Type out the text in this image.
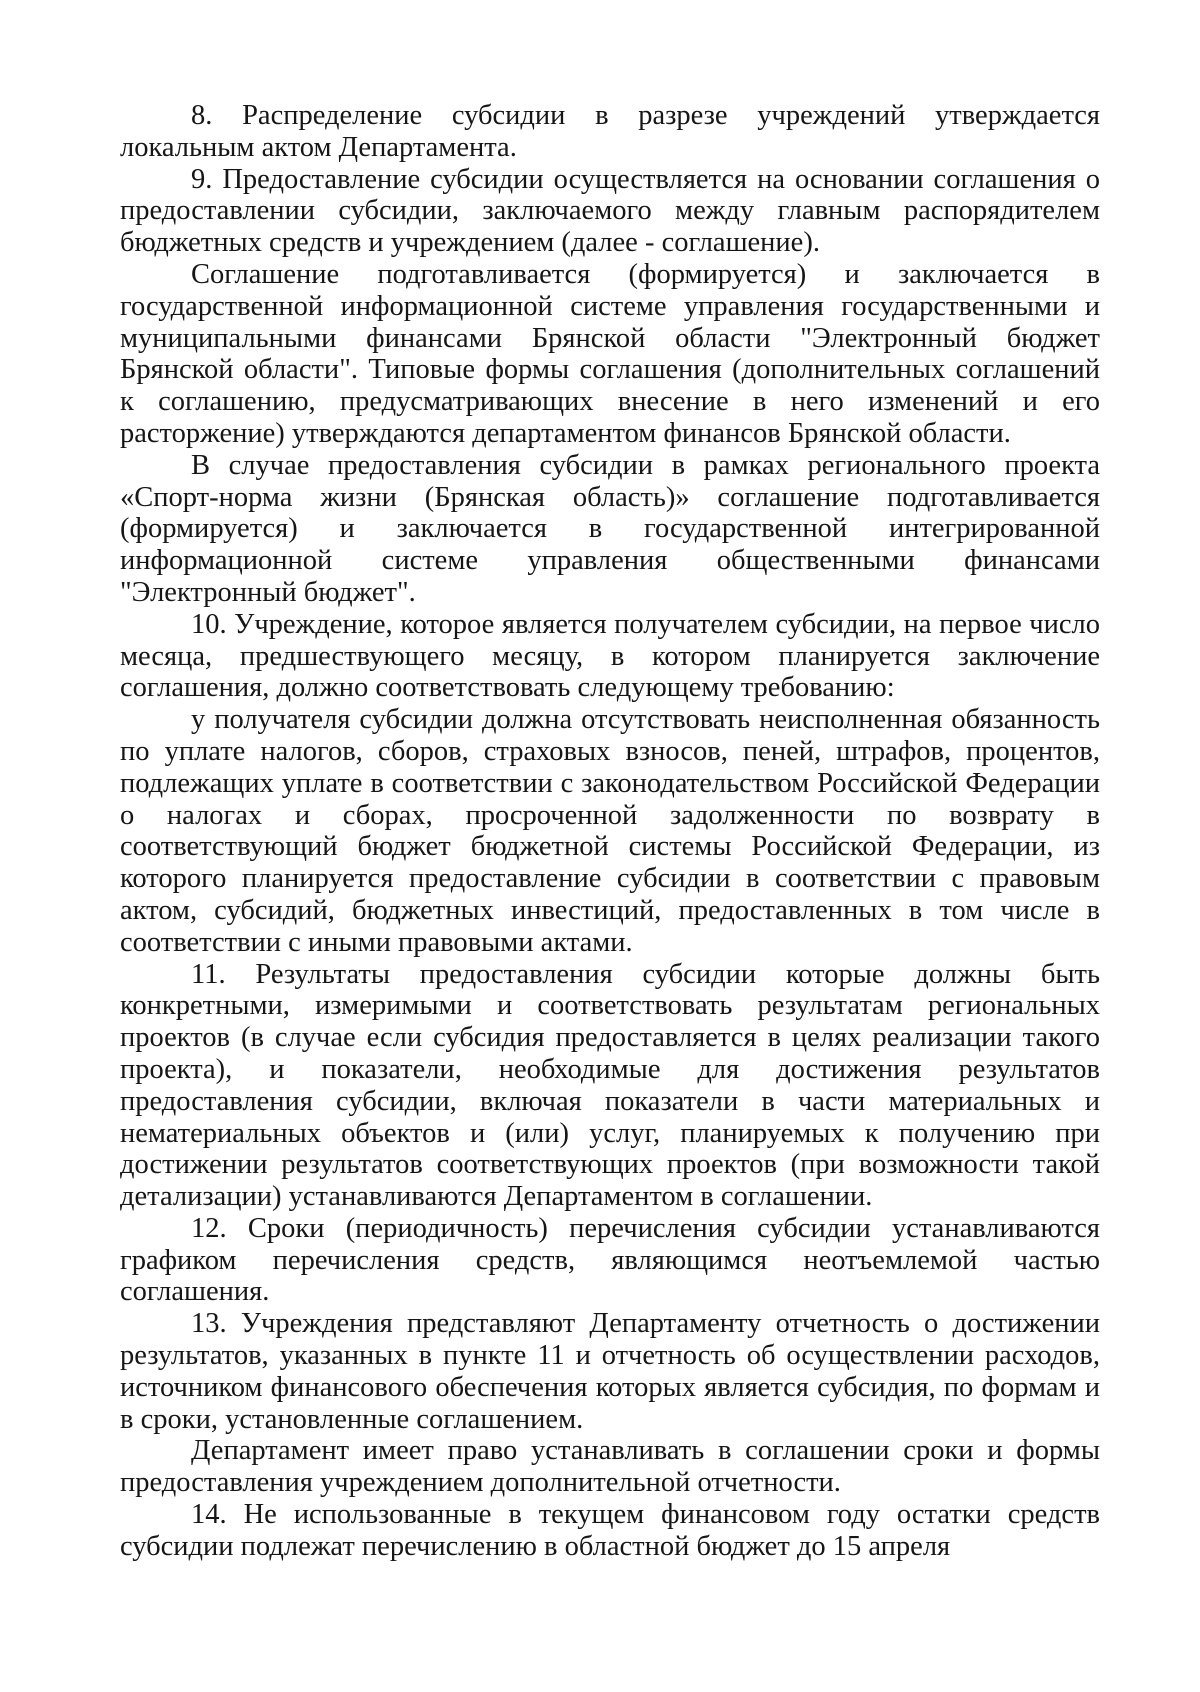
8. Распределение субсидии в разрезе учреждений утверждается локальным актом Департамента.

9. Предоставление субсидии осуществляется на основании соглашения о предоставлении субсидии, заключаемого между главным распорядителем бюджетных средств и учреждением (далее - соглашение).

Соглашение подготавливается (формируется) и заключается в государственной информационной системе управления государственными и муниципальными финансами Брянской области "Электронный бюджет Брянской области". Типовые формы соглашения (дополнительных соглашений к соглашению, предусматривающих внесение в него изменений и его расторжение) утверждаются департаментом финансов Брянской области.

В случае предоставления субсидии в рамках регионального проекта «Спорт-норма жизни (Брянская область)» соглашение подготавливается (формируется) и заключается в государственной интегрированной информационной системе управления общественными финансами "Электронный бюджет".

10. Учреждение, которое является получателем субсидии, на первое число месяца, предшествующего месяцу, в котором планируется заключение соглашения, должно соответствовать следующему требованию:

у получателя субсидии должна отсутствовать неисполненная обязанность по уплате налогов, сборов, страховых взносов, пеней, штрафов, процентов, подлежащих уплате в соответствии с законодательством Российской Федерации о налогах и сборах, просроченной задолженности по возврату в соответствующий бюджет бюджетной системы Российской Федерации, из которого планируется предоставление субсидии в соответствии с правовым актом, субсидий, бюджетных инвестиций, предоставленных в том числе в соответствии с иными правовыми актами.

11. Результаты предоставления субсидии которые должны быть конкретными, измеримыми и соответствовать результатам региональных проектов (в случае если субсидия предоставляется в целях реализации такого проекта), и показатели, необходимые для достижения результатов предоставления субсидии, включая показатели в части материальных и нематериальных объектов и (или) услуг, планируемых к получению при достижении результатов соответствующих проектов (при возможности такой детализации) устанавливаются Департаментом в соглашении.

12. Сроки (периодичность) перечисления субсидии устанавливаются графиком перечисления средств, являющимся неотъемлемой частью соглашения.

13. Учреждения представляют Департаменту отчетность о достижении результатов, указанных в пункте 11 и отчетность об осуществлении расходов, источником финансового обеспечения которых является субсидия, по формам и в сроки, установленные соглашением.

Департамент имеет право устанавливать в соглашении сроки и формы предоставления учреждением дополнительной отчетности.

14. Не использованные в текущем финансовом году остатки средств субсидии подлежат перечислению в областной бюджет до 15 апреля
